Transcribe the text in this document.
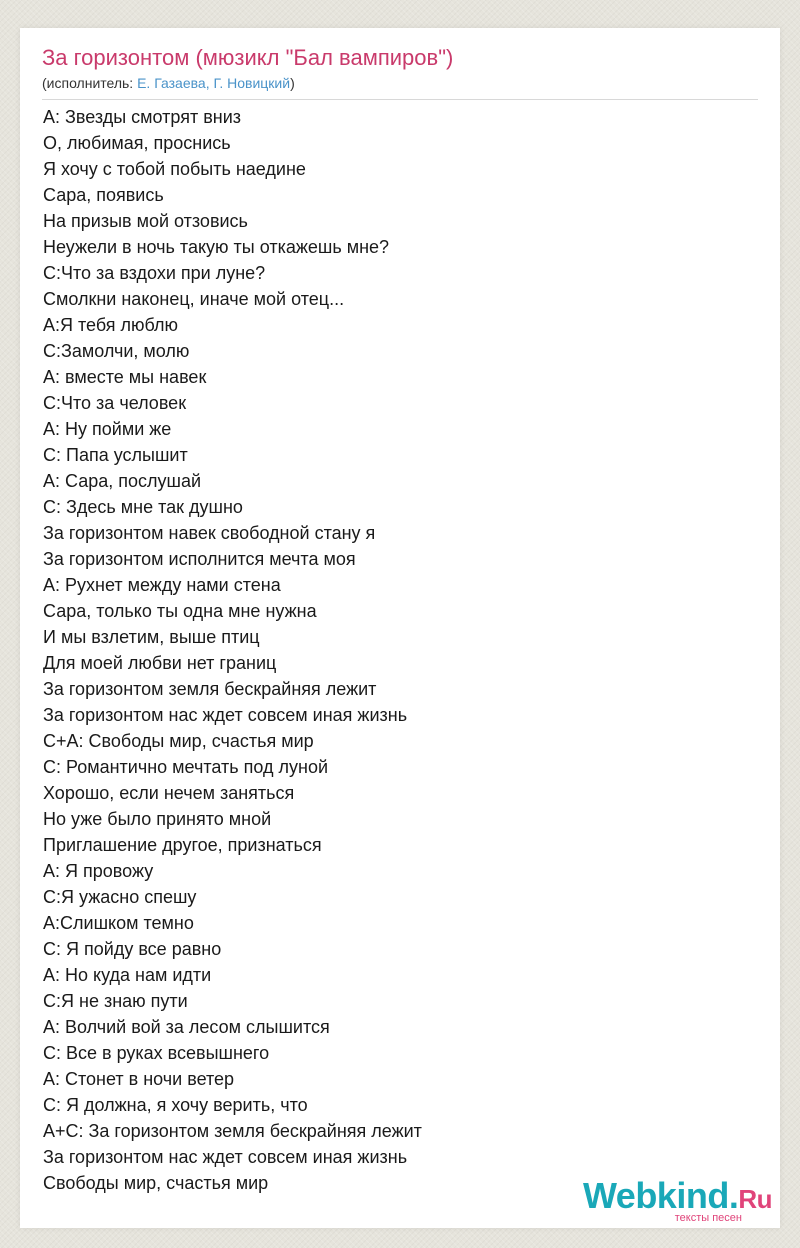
За горизонтом (мюзикл "Бал вампиров")
(исполнитель: Е. Газаева, Г. Новицкий)
А: Звезды смотрят вниз
О, любимая, проснись
Я хочу с тобой побыть наедине
Сара, появись
На призыв мой отзовись
Неужели в ночь такую ты откажешь мне?
С:Что за вздохи при луне?
Смолкни наконец, иначе мой отец...
А:Я тебя люблю
С:Замолчи, молю
А: вместе мы навек
С:Что за человек
А: Ну пойми же
С: Папа услышит
А: Сара, послушай
С: Здесь мне так душно
За горизонтом навек свободной стану я
За горизонтом исполнится мечта моя
А: Рухнет между нами стена
Сара, только ты одна мне нужна
И мы взлетим, выше птиц
Для моей любви нет границ
За горизонтом земля бескрайняя лежит
За горизонтом нас ждет совсем иная жизнь
С+А: Свободы мир, счастья мир
С: Романтично мечтать под луной
Хорошо, если нечем заняться
Но уже было принято мной
Приглашение другое, признаться
А: Я провожу
С:Я ужасно спешу
А:Слишком темно
С: Я пойду все равно
А: Но куда нам идти
С:Я не знаю пути
А: Волчий вой за лесом слышится
С: Все в руках всевышнего
А: Стонет в ночи ветер
С: Я должна, я хочу верить, что
А+С: За горизонтом земля бескрайняя лежит
За горизонтом нас ждет совсем иная жизнь
Свободы мир, счастья мир	Webkind.Ru
тексты песен
